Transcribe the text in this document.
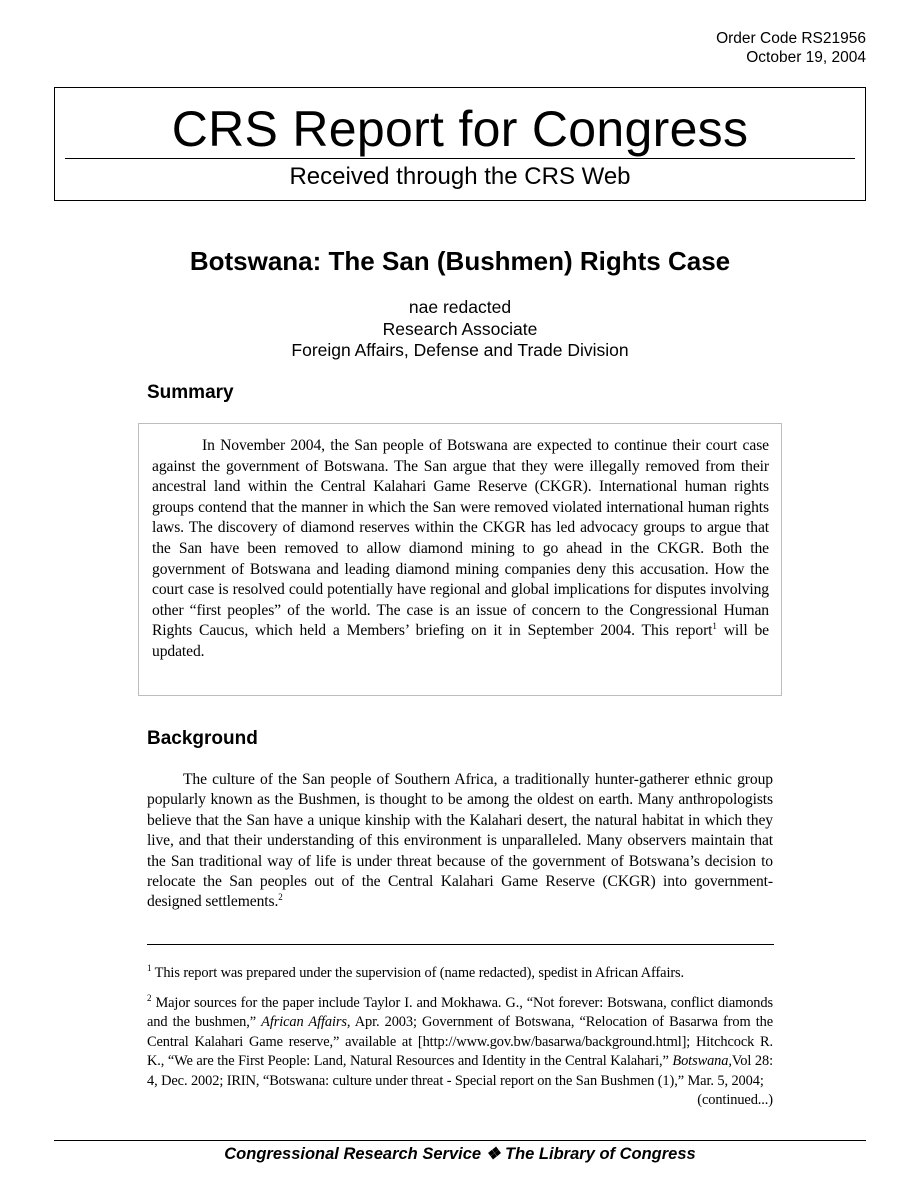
Order Code RS21956
October 19, 2004
CRS Report for Congress
Received through the CRS Web
Botswana: The San (Bushmen) Rights Case
nae redacted
Research Associate
Foreign Affairs, Defense and Trade Division
Summary

In November 2004, the San people of Botswana are expected to continue their court case against the government of Botswana. The San argue that they were illegally removed from their ancestral land within the Central Kalahari Game Reserve (CKGR). International human rights groups contend that the manner in which the San were removed violated international human rights laws. The discovery of diamond reserves within the CKGR has led advocacy groups to argue that the San have been removed to allow diamond mining to go ahead in the CKGR. Both the government of Botswana and leading diamond mining companies deny this accusation. How the court case is resolved could potentially have regional and global implications for disputes involving other “first peoples” of the world. The case is an issue of concern to the Congressional Human Rights Caucus, which held a Members’ briefing on it in September 2004. This report$^1$ will be updated.

Background

The culture of the San people of Southern Africa, a traditionally hunter-gatherer ethnic group popularly known as the Bushmen, is thought to be among the oldest on earth. Many anthropologists believe that the San have a unique kinship with the Kalahari desert, the natural habitat in which they live, and that their understanding of this environment is unparalleled. Many observers maintain that the San traditional way of life is under threat because of the government of Botswana’s decision to relocate the San peoples out of the Central Kalahari Game Reserve (CKGR) into government-designed settlements.$^2$

$^1$ This report was prepared under the supervision of (name redacted), spedist in African Affairs.

$^2$ Major sources for the paper include Taylor I. and Mokhawa. G., “Not forever: Botswana, conflict diamonds and the bushmen,” African Affairs, Apr. 2003; Government of Botswana, “Relocation of Basarwa from the Central Kalahari Game reserve,” available at [http://www.gov.bw/basarwa/background.html]; Hitchcock R. K., “We are the First People: Land, Natural Resources and Identity in the Central Kalahari,” Botswana,Vol 28: 4, Dec. 2002; IRIN, “Botswana: culture under threat - Special report on the San Bushmen (1),” Mar. 5, 2004;

(continued...)

Congressional Research Service ❖ The Library of Congress
